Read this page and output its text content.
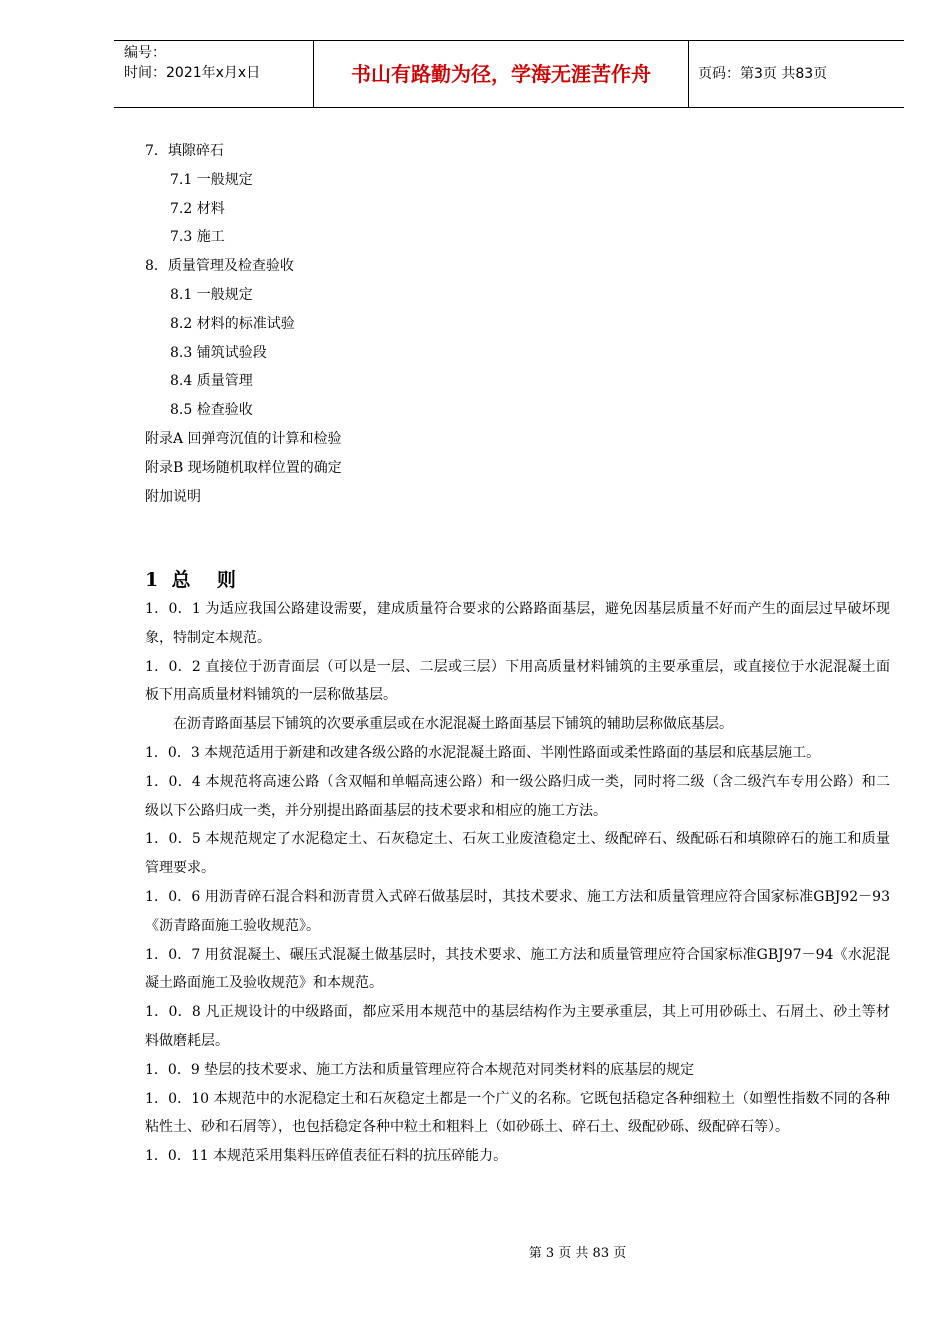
编号：
时间：2021年x月x日	书山有路勤为径，学海无涯苦作舟	页码：第3页 共83页
7．填隙碎石
7.1 一般规定
7.2 材料
7.3 施工
8．质量管理及检查验收
8.1 一般规定
8.2 材料的标准试验
8.3 铺筑试验段
8.4 质量管理
8.5 检查验收
附录A 回弹弯沉值的计算和检验
附录B 现场随机取样位置的确定
附加说明
1  总    则

1．0．1 为适应我国公路建设需要，建成质量符合要求的公路路面基层，避免因基层质量不好而产生的面层过早破坏现象，特制定本规范。

1．0．2 直接位于沥青面层（可以是一层、二层或三层）下用高质量材料铺筑的主要承重层，或直接位于水泥混凝土面板下用高质量材料铺筑的一层称做基层。

在沥青路面基层下铺筑的次要承重层或在水泥混凝土路面基层下铺筑的辅助层称做底基层。

1．0．3 本规范适用于新建和改建各级公路的水泥混凝土路面、半刚性路面或柔性路面的基层和底基层施工。

1．0．4 本规范将高速公路（含双幅和单幅高速公路）和一级公路归成一类，同时将二级（含二级汽车专用公路）和二级以下公路归成一类，并分别提出路面基层的技术要求和相应的施工方法。

1．0．5 本规范规定了水泥稳定土、石灰稳定土、石灰工业废渣稳定土、级配碎石、级配砾石和填隙碎石的施工和质量管理要求。

1．0．6 用沥青碎石混合料和沥青贯入式碎石做基层时，其技术要求、施工方法和质量管理应符合国家标准GBJ92－93《沥青路面施工验收规范》。

1．0．7 用贫混凝土、碾压式混凝土做基层时，其技术要求、施工方法和质量管理应符合国家标准GBJ97－94《水泥混凝土路面施工及验收规范》和本规范。

1．0．8 凡正规设计的中级路面，都应采用本规范中的基层结构作为主要承重层，其上可用砂砾土、石屑土、砂土等材料做磨耗层。

1．0．9 垫层的技术要求、施工方法和质量管理应符合本规范对同类材料的底基层的规定

1．0．10 本规范中的水泥稳定土和石灰稳定土都是一个广义的名称。它既包括稳定各种细粒土（如塑性指数不同的各种粘性土、砂和石屑等），也包括稳定各种中粒土和粗料上（如砂砾土、碎石土、级配砂砾、级配碎石等）。

1．0．11 本规范采用集料压碎值表征石料的抗压碎能力。

第 3 页 共 83 页
